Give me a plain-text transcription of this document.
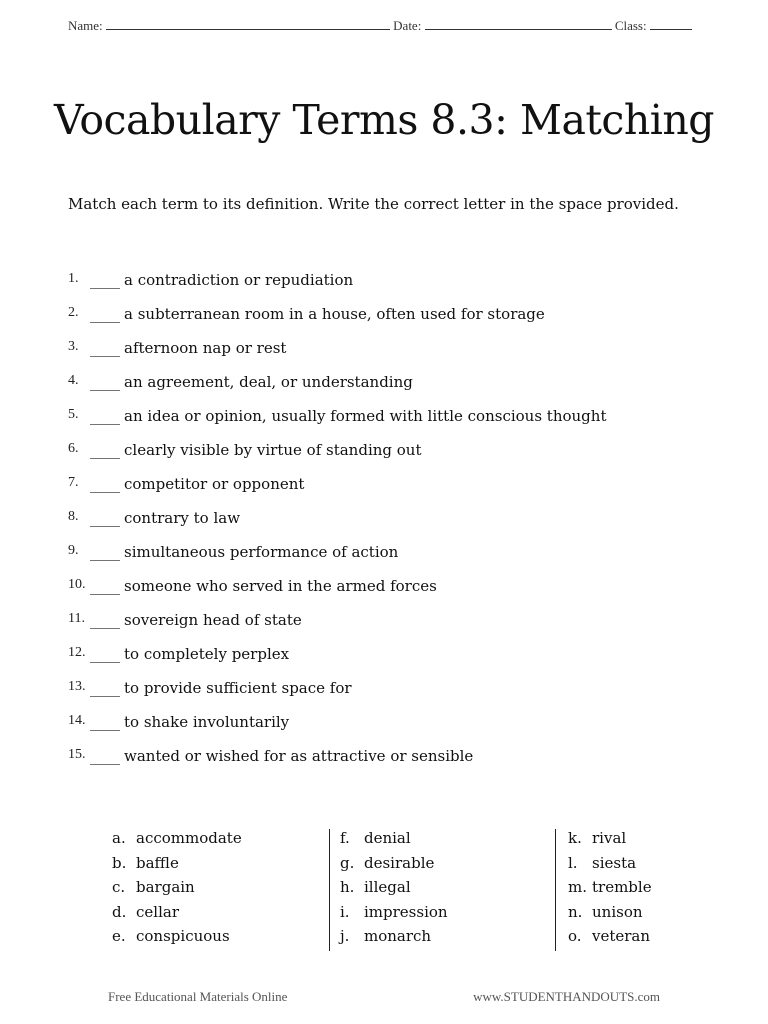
Name:	Date:	Class:
Vocabulary Terms 8.3: Matching
Match each term to its definition. Write the correct letter in the space provided.
1. ____ a contradiction or repudiation
2. ____ a subterranean room in a house, often used for storage
3. ____ afternoon nap or rest
4. ____ an agreement, deal, or understanding
5. ____ an idea or opinion, usually formed with little conscious thought
6. ____ clearly visible by virtue of standing out
7. ____ competitor or opponent
8. ____ contrary to law
9. ____ simultaneous performance of action
10. ____ someone who served in the armed forces
11. ____ sovereign head of state
12. ____ to completely perplex
13. ____ to provide sufficient space for
14. ____ to shake involuntarily
15. ____ wanted or wished for as attractive or sensible
a. accommodate
b. baffle
c. bargain
d. cellar
e. conspicuous
f. denial
g. desirable
h. illegal
i. impression
j. monarch
k. rival
l. siesta
m. tremble
n. unison
o. veteran
Free Educational Materials Online	www.STUDENTHANDOUTS.com
